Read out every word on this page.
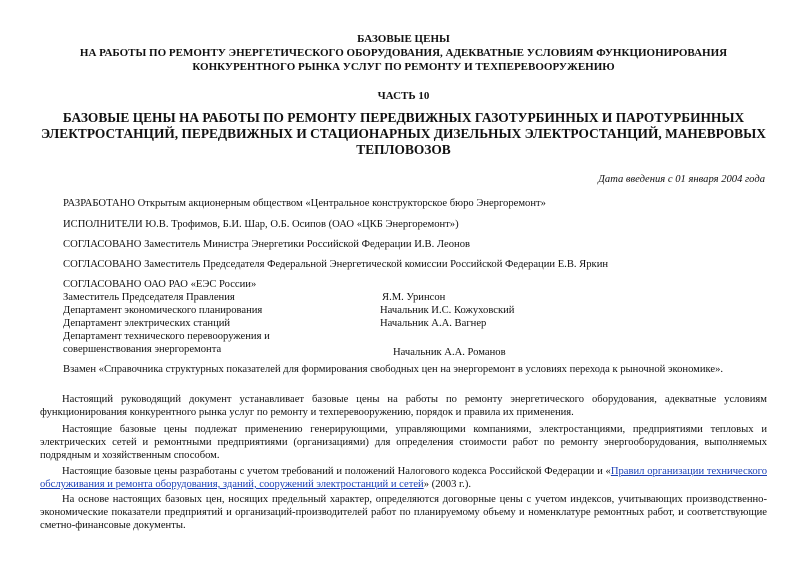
БАЗОВЫЕ ЦЕНЫ
НА РАБОТЫ ПО РЕМОНТУ ЭНЕРГЕТИЧЕСКОГО ОБОРУДОВАНИЯ, АДЕКВАТНЫЕ УСЛОВИЯМ ФУНКЦИОНИРОВАНИЯ
КОНКУРЕНТНОГО РЫНКА УСЛУГ ПО РЕМОНТУ И ТЕХПЕРЕВООРУЖЕНИЮ
ЧАСТЬ 10
БАЗОВЫЕ ЦЕНЫ НА РАБОТЫ ПО РЕМОНТУ ПЕРЕДВИЖНЫХ ГАЗОТУРБИННЫХ И ПАРОТУРБИННЫХ
ЭЛЕКТРОСТАНЦИЙ, ПЕРЕДВИЖНЫХ И СТАЦИОНАРНЫХ ДИЗЕЛЬНЫХ ЭЛЕКТРОСТАНЦИЙ, МАНЕВРОВЫХ
ТЕПЛОВОЗОВ
Дата введения с 01 января 2004 года
РАЗРАБОТАНО Открытым акционерным обществом «Центральное конструкторское бюро Энергоремонт»
ИСПОЛНИТЕЛИ Ю.В. Трофимов, Б.И. Шар, О.Б. Осипов (ОАО «ЦКБ Энергоремонт»)
СОГЛАСОВАНО Заместитель Министра Энергетики Российской Федерации И.В. Леонов
СОГЛАСОВАНО Заместитель Председателя Федеральной Энергетической комиссии Российской Федерации Е.В. Яркин
СОГЛАСОВАНО ОАО РАО «ЕЭС России»
Заместитель Председателя Правления	Я.М. Уринсон
Департамент экономического планирования	Начальник И.С. Кожуховский
Департамент электрических станций	Начальник А.А. Вагнер
Департамент технического перевооружения и
совершенствования энергоремонта	Начальник А.А. Романов
Взамен «Справочника структурных показателей для формирования свободных цен на энергоремонт в условиях перехода к рыночной экономике».
Настоящий руководящий документ устанавливает базовые цены на работы по ремонту энергетического оборудования, адекватные условиям функционирования конкурентного рынка услуг по ремонту и техперевооружению, порядок и правила их применения.
Настоящие базовые цены подлежат применению генерирующими, управляющими компаниями, электростанциями, предприятиями тепловых и электрических сетей и ремонтными предприятиями (организациями) для определения стоимости работ по ремонту энергооборудования, выполняемых подрядным и хозяйственным способом.
Настоящие базовые цены разработаны с учетом требований и положений Налогового кодекса Российской Федерации и «Правил организации технического обслуживания и ремонта оборудования, зданий, сооружений электростанций и сетей» (2003 г.).
На основе настоящих базовых цен, носящих предельный характер, определяются договорные цены с учетом индексов, учитывающих производственно-экономические показатели предприятий и организаций-производителей работ по планируемому объему и номенклатуре ремонтных работ, и соответствующие сметно-финансовые документы.
